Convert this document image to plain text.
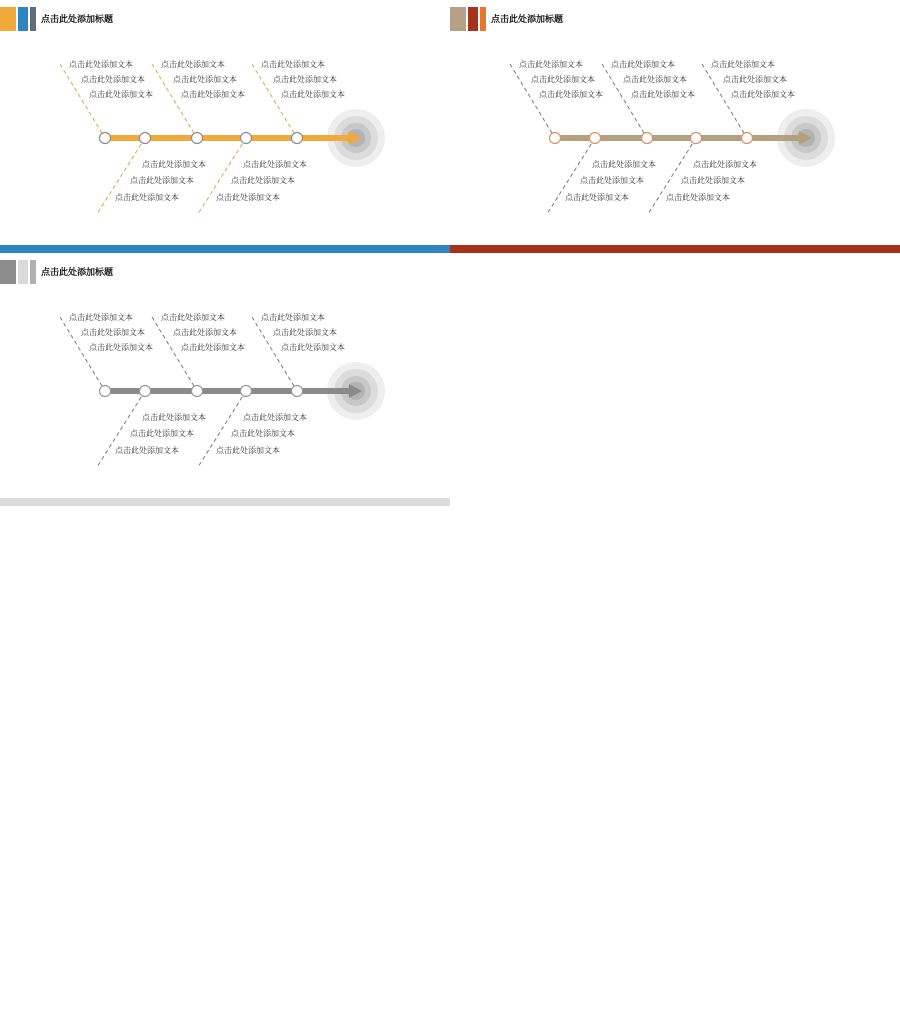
点击此处添加标题
点击此处添加文本
点击此处添加文本
点击此处添加文本
点击此处添加文本
点击此处添加文本
点击此处添加文本
点击此处添加文本
点击此处添加文本
点击此处添加文本
点击此处添加文本
点击此处添加文本
点击此处添加文本
点击此处添加文本
点击此处添加文本
点击此处添加文本
点击此处添加标题
点击此处添加文本
点击此处添加文本
点击此处添加文本
点击此处添加文本
点击此处添加文本
点击此处添加文本
点击此处添加文本
点击此处添加文本
点击此处添加文本
点击此处添加文本
点击此处添加文本
点击此处添加文本
点击此处添加文本
点击此处添加文本
点击此处添加文本
点击此处添加标题
点击此处添加文本
点击此处添加文本
点击此处添加文本
点击此处添加文本
点击此处添加文本
点击此处添加文本
点击此处添加文本
点击此处添加文本
点击此处添加文本
点击此处添加文本
点击此处添加文本
点击此处添加文本
点击此处添加文本
点击此处添加文本
点击此处添加文本
